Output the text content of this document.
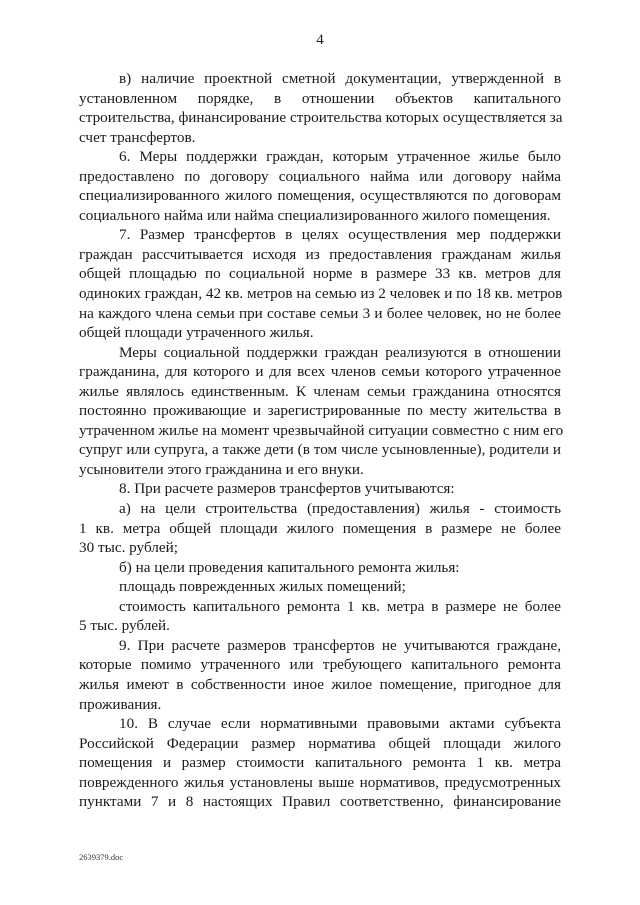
4
в) наличие проектной сметной документации, утвержденной в
установленном порядке, в отношении объектов капитального
строительства, финансирование строительства которых осуществляется за
счет трансфертов.
6. Меры поддержки граждан, которым утраченное жилье было
предоставлено по договору социального найма или договору найма
специализированного жилого помещения, осуществляются по договорам
социального найма или найма специализированного жилого помещения.
7. Размер трансфертов в целях осуществления мер поддержки
граждан рассчитывается исходя из предоставления гражданам жилья
общей площадью по социальной норме в размере 33 кв. метров для
одиноких граждан, 42 кв. метров на семью из 2 человек и по 18 кв. метров
на каждого члена семьи при составе семьи 3 и более человек, но не более
общей площади утраченного жилья.
Меры социальной поддержки граждан реализуются в отношении
гражданина, для которого и для всех членов семьи которого утраченное
жилье являлось единственным. К членам семьи гражданина относятся
постоянно проживающие и зарегистрированные по месту жительства в
утраченном жилье на момент чрезвычайной ситуации совместно с ним его
супруг или супруга, а также дети (в том числе усыновленные), родители и
усыновители этого гражданина и его внуки.
8. При расчете размеров трансфертов учитываются:
а) на цели строительства (предоставления) жилья - стоимость
1 кв. метра общей площади жилого помещения в размере не более
30 тыс. рублей;
б) на цели проведения капитального ремонта жилья:
площадь поврежденных жилых помещений;
стоимость капитального ремонта 1 кв. метра в размере не более
5 тыс. рублей.
9. При расчете размеров трансфертов не учитываются граждане,
которые помимо утраченного или требующего капитального ремонта
жилья имеют в собственности иное жилое помещение, пригодное для
проживания.
10. В случае если нормативными правовыми актами субъекта
Российской Федерации размер норматива общей площади жилого
помещения и размер стоимости капитального ремонта 1 кв. метра
поврежденного жилья установлены выше нормативов, предусмотренных
пунктами 7 и 8 настоящих Правил соответственно, финансирование
2639379.doc
